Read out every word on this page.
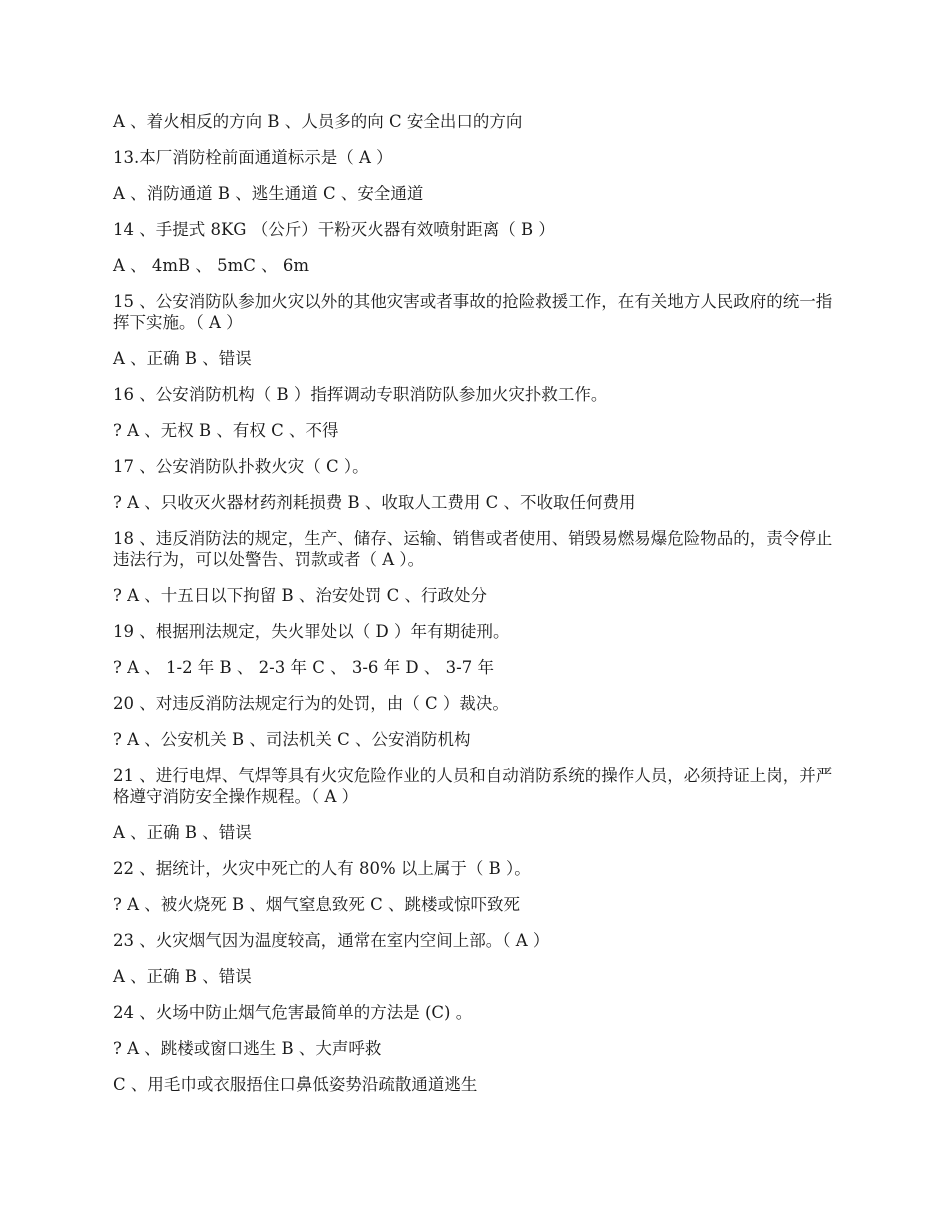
A 、着火相反的方向 B 、人员多的向 C 安全出口的方向

13.本厂消防栓前面通道标示是（ A ）

A 、消防通道 B 、逃生通道 C 、安全通道

14 、手提式 8KG （公斤）干粉灭火器有效喷射距离（ B ）

A 、 4mB 、 5mC 、 6m

15 、公安消防队参加火灾以外的其他灾害或者事故的抢险救援工作，在有关地方人民政府的统一指挥下实施。（ A ）

A 、正确 B 、错误

16 、公安消防机构（ B ）指挥调动专职消防队参加火灾扑救工作。

? A 、无权 B 、有权 C 、不得

17 、公安消防队扑救火灾（ C ）。

? A 、只收灭火器材药剂耗损费 B 、收取人工费用 C 、不收取任何费用

18 、违反消防法的规定，生产、储存、运输、销售或者使用、销毁易燃易爆危险物品的，责令停止违法行为，可以处警告、罚款或者（ A ）。

? A 、十五日以下拘留 B 、治安处罚 C 、行政处分

19 、根据刑法规定，失火罪处以（ D ）年有期徒刑。

? A 、 1-2 年 B 、 2-3 年 C 、 3-6 年 D 、 3-7 年

20 、对违反消防法规定行为的处罚，由（ C ）裁决。

? A 、公安机关 B 、司法机关 C 、公安消防机构

21 、进行电焊、气焊等具有火灾危险作业的人员和自动消防系统的操作人员，必须持证上岗，并严格遵守消防安全操作规程。（ A ）

A 、正确 B 、错误

22 、据统计，火灾中死亡的人有 80% 以上属于（ B ）。

? A 、被火烧死 B 、烟气窒息致死 C 、跳楼或惊吓致死

23 、火灾烟气因为温度较高，通常在室内空间上部。（ A ）

A 、正确 B 、错误

24 、火场中防止烟气危害最简单的方法是 (C) 。

? A 、跳楼或窗口逃生 B 、大声呼救

C 、用毛巾或衣服捂住口鼻低姿势沿疏散通道逃生
